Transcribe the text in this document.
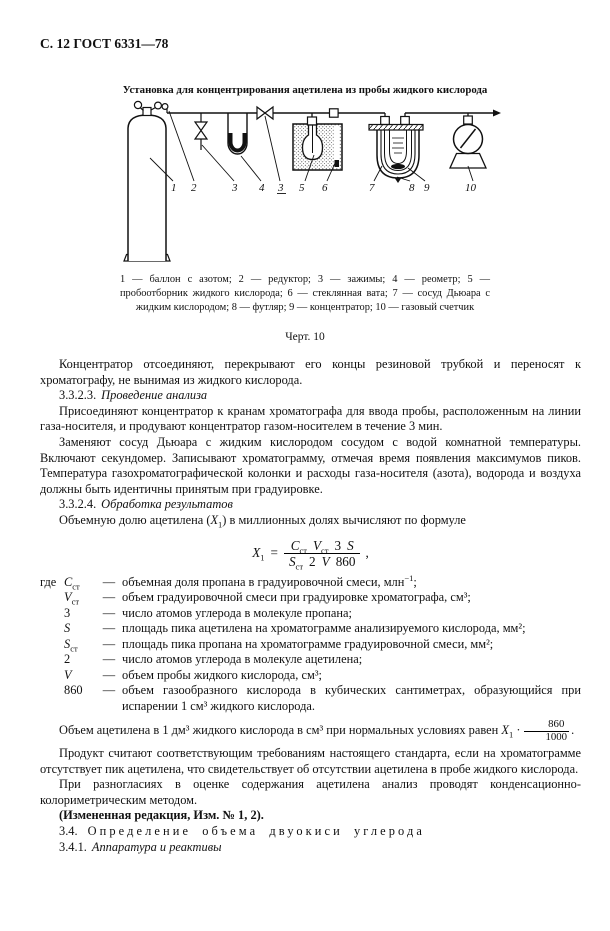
С. 12 ГОСТ 6331—78
Установка для концентрирования ацетилена из пробы жидкого кислорода
1 2	3 4 3 5 6	7	8 9	10
1 — баллон с азотом; 2 — редуктор; 3 — зажимы; 4 — реометр; 5 — пробоотборник жидкого кислорода; 6 — стеклянная вата; 7 — сосуд Дьюара с жидким кислородом; 8 — футляр; 9 — концентратор; 10 — газовый счетчик
Черт. 10

Концентратор отсоединяют, перекрывают его концы резиновой трубкой и переносят к хроматографу, не вынимая из жидкого кислорода.

3.3.2.3. Проведение анализа

Присоединяют концентратор к кранам хроматографа для ввода пробы, расположенным на линии газа-носителя, и продувают концентратор газом-носителем в течение 3 мин.

Заменяют сосуд Дьюара с жидким кислородом сосудом с водой комнатной температуры. Включают секундомер. Записывают хроматограмму, отмечая время появления максимумов пиков. Температура газохроматографической колонки и расходы газа-носителя (азота), водорода и воздуха должны быть идентичны принятым при градуировке.

3.3.2.4. Обработка результатов

Объемную долю ацетилена $(X_1)$ в миллионных долях вычисляют по формуле

$X_1 = \frac{C_{ст} V_{ст} 3 S}{S_{ст} 2 V 860}$ ,
где	$C_{ст}$	—	объемная доля пропана в градуировочной смеси, млн$^{-1}$;
	$V_{ст}$	—	объем градуировочной смеси при градуировке хроматографа, см³;
	3	—	число атомов углерода в молекуле пропана;
	S	—	площадь пика ацетилена на хроматограмме анализируемого кислорода, мм²;
	$S_{ст}$	—	площадь пика пропана на хроматограмме градуировочной смеси, мм²;
	2	—	число атомов углерода в молекуле ацетилена;
	V	—	объем пробы жидкого кислорода, см³;
	860	—	объем газообразного кислорода в кубических сантиметрах, образующийся при испарении 1 см³ жидкого кислорода.

Объем ацетилена в 1 дм³ жидкого кислорода в см³ при нормальных условиях равен $X_1 \cdot \frac{860}{1000}$ .

Продукт считают соответствующим требованиям настоящего стандарта, если на хроматограмме отсутствует пик ацетилена, что свидетельствует об отсутствии ацетилена в пробе жидкого кислорода.

При разногласиях в оценке содержания ацетилена анализ проводят конденсационно-колориметрическим методом.

(Измененная редакция, Изм. № 1, 2).

3.4. Определение объема двуокиси углерода

3.4.1. Аппаратура и реактивы
